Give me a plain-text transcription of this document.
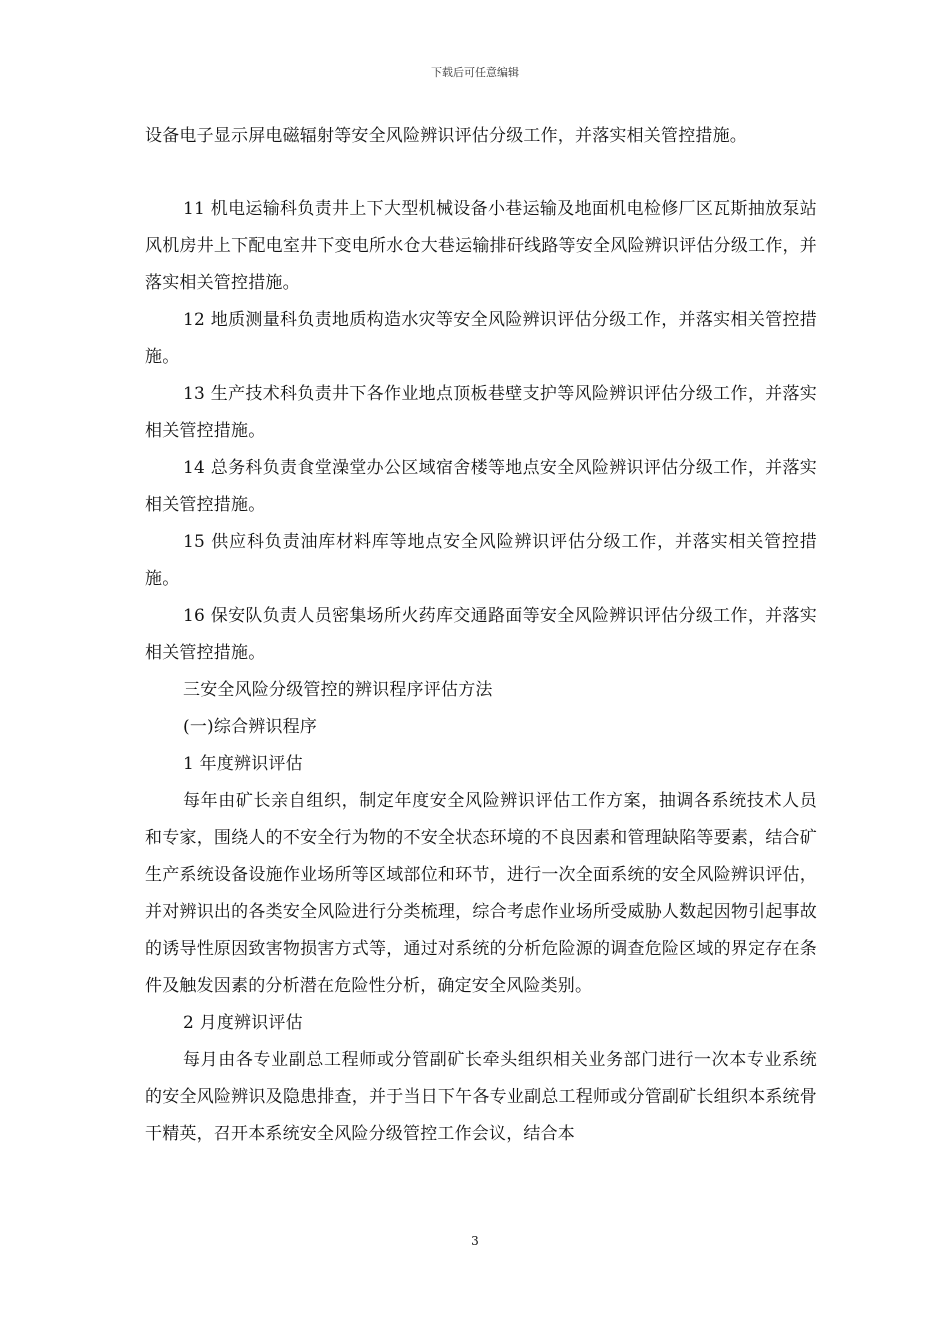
下载后可任意编辑

设备电子显示屏电磁辐射等安全风险辨识评估分级工作，并落实相关管控措施。

11 机电运输科负责井上下大型机械设备小巷运输及地面机电检修厂区瓦斯抽放泵站风机房井上下配电室井下变电所水仓大巷运输排矸线路等安全风险辨识评估分级工作，并落实相关管控措施。

12 地质测量科负责地质构造水灾等安全风险辨识评估分级工作，并落实相关管控措施。

13 生产技术科负责井下各作业地点顶板巷壁支护等风险辨识评估分级工作，并落实相关管控措施。

14 总务科负责食堂澡堂办公区域宿舍楼等地点安全风险辨识评估分级工作，并落实相关管控措施。

15 供应科负责油库材料库等地点安全风险辨识评估分级工作，并落实相关管控措施。

16 保安队负责人员密集场所火药库交通路面等安全风险辨识评估分级工作，并落实相关管控措施。

三安全风险分级管控的辨识程序评估方法

(一)综合辨识程序

1 年度辨识评估

每年由矿长亲自组织，制定年度安全风险辨识评估工作方案，抽调各系统技术人员和专家，围绕人的不安全行为物的不安全状态环境的不良因素和管理缺陷等要素，结合矿生产系统设备设施作业场所等区域部位和环节，进行一次全面系统的安全风险辨识评估，并对辨识出的各类安全风险进行分类梳理，综合考虑作业场所受威胁人数起因物引起事故的诱导性原因致害物损害方式等，通过对系统的分析危险源的调查危险区域的界定存在条件及触发因素的分析潜在危险性分析，确定安全风险类别。

2 月度辨识评估

每月由各专业副总工程师或分管副矿长牵头组织相关业务部门进行一次本专业系统的安全风险辨识及隐患排查，并于当日下午各专业副总工程师或分管副矿长组织本系统骨干精英，召开本系统安全风险分级管控工作会议，结合本

3
